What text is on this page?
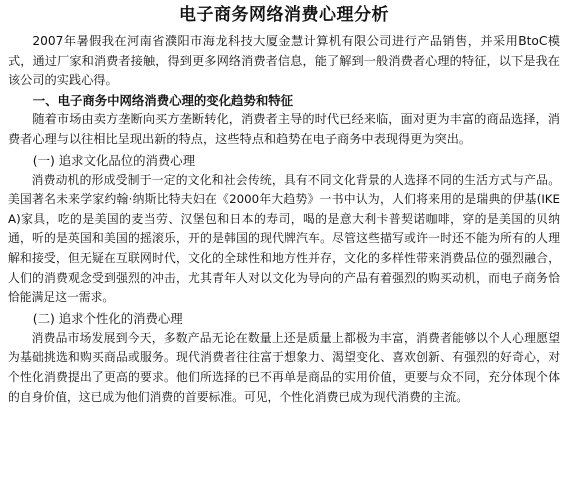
电子商务网络消费心理分析

2007年暑假我在河南省濮阳市海龙科技大厦金慧计算机有限公司进行产品销售，并采用BtoC模式，通过厂家和消费者接触，得到更多网络消费者信息，能了解到一般消费者心理的特征，以下是我在该公司的实践心得。

一、电子商务中网络消费心理的变化趋势和特征

随着市场由卖方垄断向买方垄断转化，消费者主导的时代已经来临，面对更为丰富的商品选择，消费者心理与以往相比呈现出新的特点，这些特点和趋势在电子商务中表现得更为突出。

(一) 追求文化品位的消费心理

消费动机的形成受制于一定的文化和社会传统，具有不同文化背景的人选择不同的生活方式与产品。美国著名未来学家约翰·纳斯比特夫妇在《2000年大趋势》一书中认为，人们将来用的是瑞典的伊基(IKEA)家具，吃的是美国的麦当劳、汉堡包和日本的寿司，喝的是意大利卡普契诺咖啡，穿的是美国的贝纳通，听的是英国和美国的摇滚乐，开的是韩国的现代牌汽车。尽管这些描写或许一时还不能为所有的人理解和接受，但无疑在互联网时代，文化的全球性和地方性并存，文化的多样性带来消费品位的强烈融合，人们的消费观念受到强烈的冲击，尤其青年人对以文化为导向的产品有着强烈的购买动机，而电子商务恰恰能满足这一需求。

(二) 追求个性化的消费心理

消费品市场发展到今天，多数产品无论在数量上还是质量上都极为丰富，消费者能够以个人心理愿望为基础挑选和购买商品或服务。现代消费者往往富于想象力、渴望变化、喜欢创新、有强烈的好奇心，对个性化消费提出了更高的要求。他们所选择的已不再单是商品的实用价值，更要与众不同，充分体现个体的自身价值，这已成为他们消费的首要标准。可见，个性化消费已成为现代消费的主流。
